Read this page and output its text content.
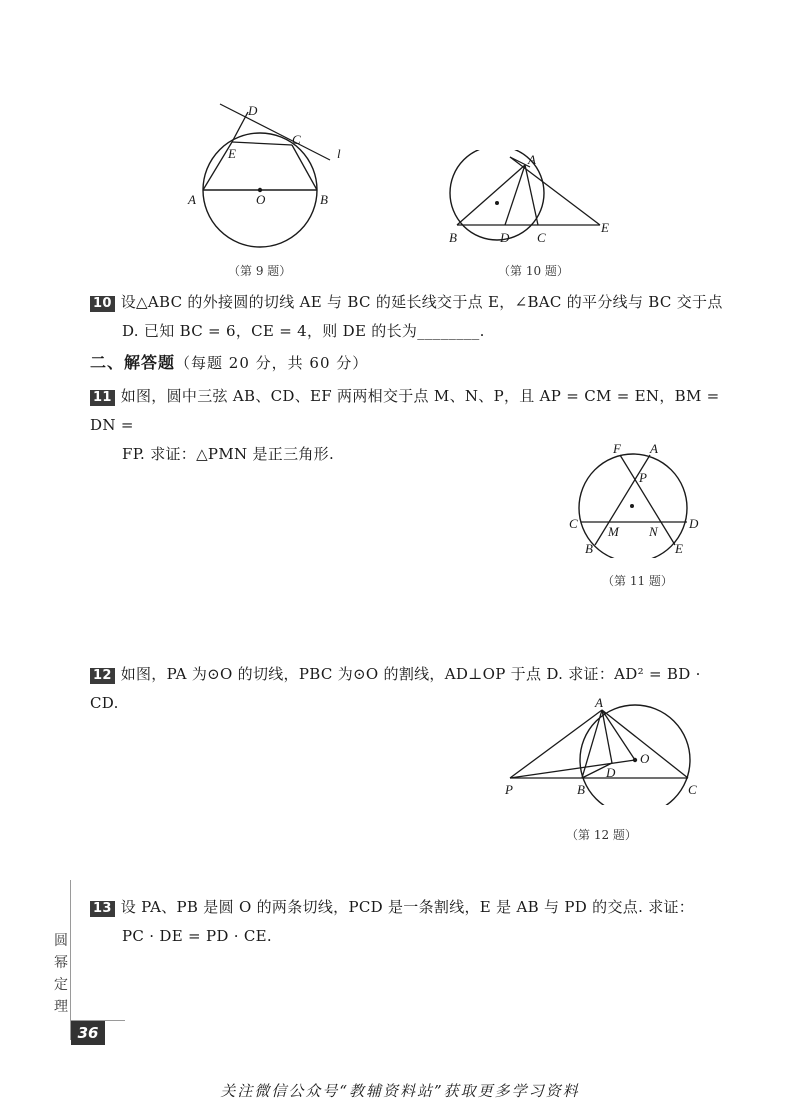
D
C
l
E
A	O	B
（第 9 题）
A
B	D C
E
（第 10 题）
10 设△ABC 的外接圆的切线 AE 与 BC 的延长线交于点 E，∠BAC 的平分线与 BC 交于点
D. 已知 BC = 6，CE = 4，则 DE 的长为________.
二、解答题（每题 20 分，共 60 分）
11 如图，圆中三弦 AB、CD、EF 两两相交于点 M、N、P，且 AP = CM = EN，BM = DN =
FP. 求证：△PMN 是正三角形.	F A
P
C
M N
D
B	E
（第 11 题）
12 如图，PA 为⊙O 的切线，PBC 为⊙O 的割线，AD⊥OP 于点 D. 求证：AD² = BD · CD.	A
O
D
P	B	C
（第 12 题）
13 设 PA、PB 是圆 O 的两条切线，PCD 是一条割线，E 是 AB 与 PD 的交点. 求证：
PC · DE = PD · CE.
圆
幂
定
理
36
关注微信公众号“教辅资料站”获取更多学习资料
